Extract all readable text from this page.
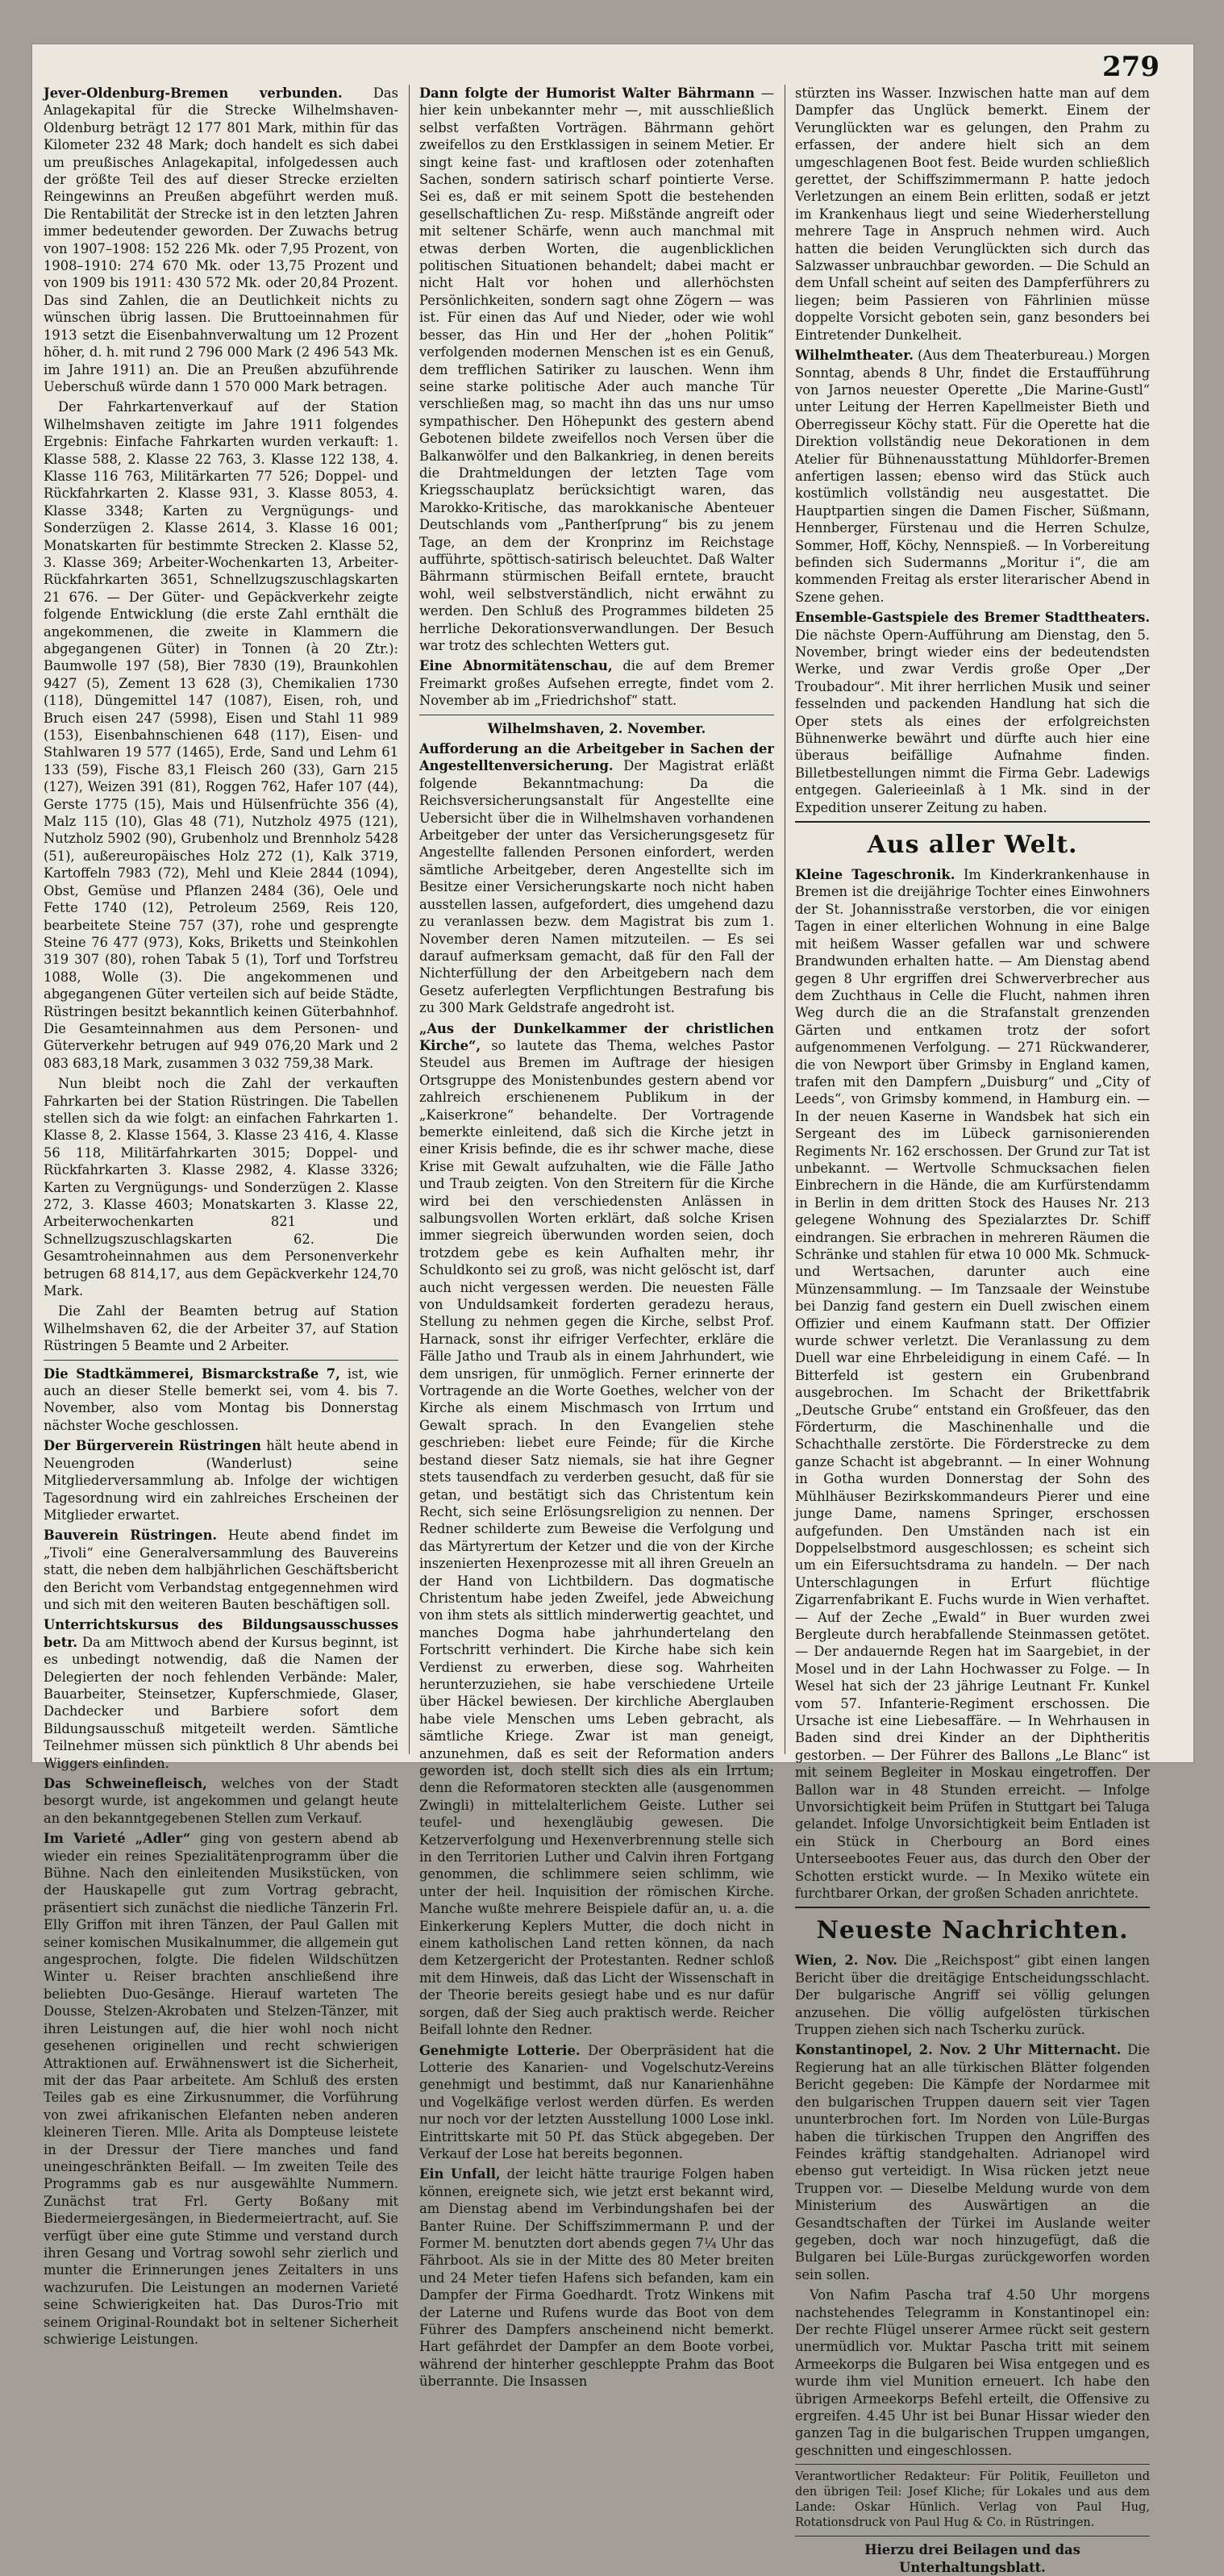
279

Jever-Oldenburg-Bremen verbunden. Das Anlagekapital für die Strecke Wilhelmshaven-Oldenburg beträgt 12 177 801 Mark, mithin für das Kilometer 232 48 Mark; doch handelt es sich dabei um preußisches Anlagekapital, infolgedessen auch der größte Teil des auf dieser Strecke erzielten Reingewinns an Preußen abgeführt werden muß. Die Rentabilität der Strecke ist in den letzten Jahren immer bedeutender geworden. Der Zuwachs betrug von 1907–1908: 152 226 Mk. oder 7,95 Prozent, von 1908–1910: 274 670 Mk. oder 13,75 Prozent und von 1909 bis 1911: 430 572 Mk. oder 20,84 Prozent. Das sind Zahlen, die an Deutlichkeit nichts zu wünschen übrig lassen. Die Bruttoeinnahmen für 1913 setzt die Eisenbahnverwaltung um 12 Prozent höher, d. h. mit rund 2 796 000 Mark (2 496 543 Mk. im Jahre 1911) an. Die an Preußen abzuführende Ueberschuß würde dann 1 570 000 Mark betragen.

Der Fahrkartenverkauf auf der Station Wilhelmshaven zeitigte im Jahre 1911 folgendes Ergebnis: Einfache Fahrkarten wurden verkauft: 1. Klasse 588, 2. Klasse 22 763, 3. Klasse 122 138, 4. Klasse 116 763, Militärkarten 77 526; Doppel- und Rückfahrkarten 2. Klasse 931, 3. Klasse 8053, 4. Klasse 3348; Karten zu Vergnügungs- und Sonderzügen 2. Klasse 2614, 3. Klasse 16 001; Monatskarten für bestimmte Strecken 2. Klasse 52, 3. Klasse 369; Arbeiter-Wochenkarten 13, Arbeiter-Rückfahrkarten 3651, Schnellzugszuschlagskarten 21 676. — Der Güter- und Gepäckverkehr zeigte folgende Entwicklung (die erste Zahl ernthält die angekommenen, die zweite in Klammern die abgegangenen Güter) in Tonnen (à 20 Ztr.): Baumwolle 197 (58), Bier 7830 (19), Braunkohlen 9427 (5), Zement 13 628 (3), Chemikalien 1730 (118), Düngemittel 147 (1087), Eisen, roh, und Bruch eisen 247 (5998), Eisen und Stahl 11 989 (153), Eisenbahnschienen 648 (117), Eisen- und Stahlwaren 19 577 (1465), Erde, Sand und Lehm 61 133 (59), Fische 83,1 Fleisch 260 (33), Garn 215 (127), Weizen 391 (81), Roggen 762, Hafer 107 (44), Gerste 1775 (15), Mais und Hülsenfrüchte 356 (4), Malz 115 (10), Glas 48 (71), Nutzholz 4975 (121), Nutzholz 5902 (90), Grubenholz und Brennholz 5428 (51), außereuropäisches Holz 272 (1), Kalk 3719, Kartoffeln 7983 (72), Mehl und Kleie 2844 (1094), Obst, Gemüse und Pflanzen 2484 (36), Oele und Fette 1740 (12), Petroleum 2569, Reis 120, bearbeitete Steine 757 (37), rohe und gesprengte Steine 76 477 (973), Koks, Briketts und Steinkohlen 319 307 (80), rohen Tabak 5 (1), Torf und Torfstreu 1088, Wolle (3). Die angekommenen und abgegangenen Güter verteilen sich auf beide Städte, Rüstringen besitzt bekanntlich keinen Güterbahnhof. Die Gesamteinnahmen aus dem Personen- und Güterverkehr betrugen auf 949 076,20 Mark und 2 083 683,18 Mark, zusammen 3 032 759,38 Mark.

Nun bleibt noch die Zahl der verkauften Fahrkarten bei der Station Rüstringen. Die Tabellen stellen sich da wie folgt: an einfachen Fahrkarten 1. Klasse 8, 2. Klasse 1564, 3. Klasse 23 416, 4. Klasse 56 118, Militärfahrkarten 3015; Doppel- und Rückfahrkarten 3. Klasse 2982, 4. Klasse 3326; Karten zu Vergnügungs- und Sonderzügen 2. Klasse 272, 3. Klasse 4603; Monatskarten 3. Klasse 22, Arbeiterwochenkarten 821 und Schnellzugszuschlagskarten 62. Die Gesamtroheinnahmen aus dem Personenverkehr betrugen 68 814,17, aus dem Gepäckverkehr 124,70 Mark.

Die Zahl der Beamten betrug auf Station Wilhelmshaven 62, die der Arbeiter 37, auf Station Rüstringen 5 Beamte und 2 Arbeiter.

Die Stadtkämmerei, Bismarckstraße 7, ist, wie auch an dieser Stelle bemerkt sei, vom 4. bis 7. November, also vom Montag bis Donnerstag nächster Woche geschlossen.

Der Bürgerverein Rüstringen hält heute abend in Neuengroden (Wanderlust) seine Mitgliederversammlung ab. Infolge der wichtigen Tagesordnung wird ein zahlreiches Erscheinen der Mitglieder erwartet.

Bauverein Rüstringen. Heute abend findet im „Tivoli“ eine Generalversammlung des Bauvereins statt, die neben dem halbjährlichen Geschäftsbericht den Bericht vom Verbandstag entgegennehmen wird und sich mit den weiteren Bauten beschäftigen soll.

Unterrichtskursus des Bildungsausschusses betr. Da am Mittwoch abend der Kursus beginnt, ist es unbedingt notwendig, daß die Namen der Delegierten der noch fehlenden Verbände: Maler, Bauarbeiter, Steinsetzer, Kupferschmiede, Glaser, Dachdecker und Barbiere sofort dem Bildungsausschuß mitgeteilt werden. Sämtliche Teilnehmer müssen sich pünktlich 8 Uhr abends bei Wiggers einfinden.

Das Schweinefleisch, welches von der Stadt besorgt wurde, ist angekommen und gelangt heute an den bekanntgegebenen Stellen zum Verkauf.

Im Varieté „Adler“ ging von gestern abend ab wieder ein reines Spezialitätenprogramm über die Bühne. Nach den einleitenden Musikstücken, von der Hauskapelle gut zum Vortrag gebracht, präsentiert sich zunächst die niedliche Tänzerin Frl. Elly Griffon mit ihren Tänzen, der Paul Gallen mit seiner komischen Musikalnummer, die allgemein gut angesprochen, folgte. Die fidelen Wildschützen Winter u. Reiser brachten anschließend ihre beliebten Duo-Gesänge. Hierauf warteten The Dousse, Stelzen-Akrobaten und Stelzen-Tänzer, mit ihren Leistungen auf, die hier wohl noch nicht gesehenen originellen und recht schwierigen Attraktionen auf. Erwähnenswert ist die Sicherheit, mit der das Paar arbeitete. Am Schluß des ersten Teiles gab es eine Zirkusnummer, die Vorführung von zwei afrikanischen Elefanten neben anderen kleineren Tieren. Mlle. Arita als Dompteuse leistete in der Dressur der Tiere manches und fand uneingeschränkten Beifall. — Im zweiten Teile des Programms gab es nur ausgewählte Nummern. Zunächst trat Frl. Gerty Boßany mit Biedermeiergesängen, in Biedermeiertracht, auf. Sie verfügt über eine gute Stimme und verstand durch ihren Gesang und Vortrag sowohl sehr zierlich und munter die Erinnerungen jenes Zeitalters in uns wachzurufen. Die Leistungen an modernen Varieté seine Schwierigkeiten hat. Das Duros-Trio mit seinem Original-Roundakt bot in seltener Sicherheit schwierige Leistungen.

Dann folgte der Humorist Walter Bährmann — hier kein unbekannter mehr —, mit ausschließlich selbst verfaßten Vorträgen. Bährmann gehört zweifellos zu den Erstklassigen in seinem Metier. Er singt keine fast- und kraftlosen oder zotenhaften Sachen, sondern satirisch scharf pointierte Verse. Sei es, daß er mit seinem Spott die bestehenden gesellschaftlichen Zu- resp. Mißstände angreift oder mit seltener Schärfe, wenn auch manchmal mit etwas derben Worten, die augenblicklichen politischen Situationen behandelt; dabei macht er nicht Halt vor hohen und allerhöchsten Persönlichkeiten, sondern sagt ohne Zögern — was ist. Für einen das Auf und Nieder, oder wie wohl besser, das Hin und Her der „hohen Politik“ verfolgenden modernen Menschen ist es ein Genuß, dem trefflichen Satiriker zu lauschen. Wenn ihm seine starke politische Ader auch manche Tür verschließen mag, so macht ihn das uns nur umso sympathischer. Den Höhepunkt des gestern abend Gebotenen bildete zweifellos noch Versen über die Balkanwölfer und den Balkankrieg, in denen bereits die Drahtmeldungen der letzten Tage vom Kriegsschauplatz berücksichtigt waren, das Marokko-Kritische, das marokkanische Abenteuer Deutschlands vom „Pantherſprung“ bis zu jenem Tage, an dem der Kronprinz im Reichstage aufführte, spöttisch-satirisch beleuchtet. Daß Walter Bährmann stürmischen Beifall erntete, braucht wohl, weil selbstverständlich, nicht erwähnt zu werden. Den Schluß des Programmes bildeten 25 herrliche Dekorationsverwandlungen. Der Besuch war trotz des schlechten Wetters gut.

Eine Abnormitätenschau, die auf dem Bremer Freimarkt großes Aufsehen erregte, findet vom 2. November ab im „Friedrichshof“ statt.

Wilhelmshaven, 2. November.

Aufforderung an die Arbeitgeber in Sachen der Angestelltenversicherung. Der Magistrat erläßt folgende Bekanntmachung: Da die Reichsversicherungsanstalt für Angestellte eine Uebersicht über die in Wilhelmshaven vorhandenen Arbeitgeber der unter das Versicherungsgesetz für Angestellte fallenden Personen einfordert, werden sämtliche Arbeitgeber, deren Angestellte sich im Besitze einer Versicherungskarte noch nicht haben ausstellen lassen, aufgefordert, dies umgehend dazu zu veranlassen bezw. dem Magistrat bis zum 1. November deren Namen mitzuteilen. — Es sei darauf aufmerksam gemacht, daß für den Fall der Nichterfüllung der den Arbeitgebern nach dem Gesetz auferlegten Verpflichtungen Bestrafung bis zu 300 Mark Geldstrafe angedroht ist.

„Aus der Dunkelkammer der christlichen Kirche“, so lautete das Thema, welches Pastor Steudel aus Bremen im Auftrage der hiesigen Ortsgruppe des Monistenbundes gestern abend vor zahlreich erschienenem Publikum in der „Kaiserkrone“ behandelte. Der Vortragende bemerkte einleitend, daß sich die Kirche jetzt in einer Krisis befinde, die es ihr schwer mache, diese Krise mit Gewalt aufzuhalten, wie die Fälle Jatho und Traub zeigten. Von den Streitern für die Kirche wird bei den verschiedensten Anlässen in salbungsvollen Worten erklärt, daß solche Krisen immer siegreich überwunden worden seien, doch trotzdem gebe es kein Aufhalten mehr, ihr Schuldkonto sei zu groß, was nicht gelöscht ist, darf auch nicht vergessen werden. Die neuesten Fälle von Unduldsamkeit forderten geradezu heraus, Stellung zu nehmen gegen die Kirche, selbst Prof. Harnack, sonst ihr eifriger Verfechter, erkläre die Fälle Jatho und Traub als in einem Jahrhundert, wie dem unsrigen, für unmöglich. Ferner erinnerte der Vortragende an die Worte Goethes, welcher von der Kirche als einem Mischmasch von Irrtum und Gewalt sprach. In den Evangelien stehe geschrieben: liebet eure Feinde; für die Kirche bestand dieser Satz niemals, sie hat ihre Gegner stets tausendfach zu verderben gesucht, daß für sie getan, und bestätigt sich das Christentum kein Recht, sich seine Erlösungsreligion zu nennen. Der Redner schilderte zum Beweise die Verfolgung und das Märtyrertum der Ketzer und die von der Kirche inszenierten Hexenprozesse mit all ihren Greueln an der Hand von Lichtbildern. Das dogmatische Christentum habe jeden Zweifel, jede Abweichung von ihm stets als sittlich minderwertig geachtet, und manches Dogma habe jahrhundertelang den Fortschritt verhindert. Die Kirche habe sich kein Verdienst zu erwerben, diese sog. Wahrheiten herunterzuziehen, sie habe verschiedene Urteile über Häckel bewiesen. Der kirchliche Aberglauben habe viele Menschen ums Leben gebracht, als sämtliche Kriege. Zwar ist man geneigt, anzunehmen, daß es seit der Reformation anders geworden ist, doch stellt sich dies als ein Irrtum; denn die Reformatoren steckten alle (ausgenommen Zwingli) in mittelalterlichem Geiste. Luther sei teufel- und hexengläubig gewesen. Die Ketzerverfolgung und Hexenverbrennung stelle sich in den Territorien Luther und Calvin ihren Fortgang genommen, die schlimmere seien schlimm, wie unter der heil. Inquisition der römischen Kirche. Manche wußte mehrere Beispiele dafür an, u. a. die Einkerkerung Keplers Mutter, die doch nicht in einem katholischen Land retten können, da nach dem Ketzergericht der Protestanten. Redner schloß mit dem Hinweis, daß das Licht der Wissenschaft in der Theorie bereits gesiegt habe und es nur dafür sorgen, daß der Sieg auch praktisch werde. Reicher Beifall lohnte den Redner.

Genehmigte Lotterie. Der Oberpräsident hat die Lotterie des Kanarien- und Vogelschutz-Vereins genehmigt und bestimmt, daß nur Kanarienhähne und Vogelkäfige verlost werden dürfen. Es werden nur noch vor der letzten Ausstellung 1000 Lose inkl. Eintrittskarte mit 50 Pf. das Stück abgegeben. Der Verkauf der Lose hat bereits begonnen.

Ein Unfall, der leicht hätte traurige Folgen haben können, ereignete sich, wie jetzt erst bekannt wird, am Dienstag abend im Verbindungshafen bei der Banter Ruine. Der Schiffszimmermann P. und der Former M. benutzten dort abends gegen 7¼ Uhr das Fährboot. Als sie in der Mitte des 80 Meter breiten und 24 Meter tiefen Hafens sich befanden, kam ein Dampfer der Firma Goedhardt. Trotz Winkens mit der Laterne und Rufens wurde das Boot von dem Führer des Dampfers anscheinend nicht bemerkt. Hart gefährdet der Dampfer an dem Boote vorbei, während der hinterher geschleppte Prahm das Boot überrannte. Die Insassen

stürzten ins Wasser. Inzwischen hatte man auf dem Dampfer das Unglück bemerkt. Einem der Verunglückten war es gelungen, den Prahm zu erfassen, der andere hielt sich an dem umgeschlagenen Boot fest. Beide wurden schließlich gerettet, der Schiffszimmermann P. hatte jedoch Verletzungen an einem Bein erlitten, sodaß er jetzt im Krankenhaus liegt und seine Wiederherstellung mehrere Tage in Anspruch nehmen wird. Auch hatten die beiden Verunglückten sich durch das Salzwasser unbrauchbar geworden. — Die Schuld an dem Unfall scheint auf seiten des Dampferführers zu liegen; beim Passieren von Fährlinien müsse doppelte Vorsicht geboten sein, ganz besonders bei Eintretender Dunkelheit.

Wilhelmtheater. (Aus dem Theaterbureau.) Morgen Sonntag, abends 8 Uhr, findet die Erstaufführung von Jarnos neuester Operette „Die Marine-Gustl“ unter Leitung der Herren Kapellmeister Bieth und Oberregisseur Köchy statt. Für die Operette hat die Direktion vollständig neue Dekorationen in dem Atelier für Bühnenausstattung Mühldorfer-Bremen anfertigen lassen; ebenso wird das Stück auch kostümlich vollständig neu ausgestattet. Die Hauptpartien singen die Damen Fischer, Süßmann, Hennberger, Fürstenau und die Herren Schulze, Sommer, Hoff, Köchy, Nennspieß. — In Vorbereitung befinden sich Sudermanns „Moritur i“, die am kommenden Freitag als erster literarischer Abend in Szene gehen.

Ensemble-Gastspiele des Bremer Stadttheaters. Die nächste Opern-Aufführung am Dienstag, den 5. November, bringt wieder eins der bedeutendsten Werke, und zwar Verdis große Oper „Der Troubadour“. Mit ihrer herrlichen Musik und seiner fesselnden und packenden Handlung hat sich die Oper stets als eines der erfolgreichsten Bühnenwerke bewährt und dürfte auch hier eine überaus beifällige Aufnahme finden. Billetbestellungen nimmt die Firma Gebr. Ladewigs entgegen. Galerieeinlaß à 1 Mk. sind in der Expedition unserer Zeitung zu haben.

Aus aller Welt.

Kleine Tageschronik. Im Kinderkrankenhause in Bremen ist die dreijährige Tochter eines Einwohners der St. Johannisstraße verstorben, die vor einigen Tagen in einer elterlichen Wohnung in eine Balge mit heißem Wasser gefallen war und schwere Brandwunden erhalten hatte. — Am Dienstag abend gegen 8 Uhr ergriffen drei Schwerverbrecher aus dem Zuchthaus in Celle die Flucht, nahmen ihren Weg durch die an die Strafanstalt grenzenden Gärten und entkamen trotz der sofort aufgenommenen Verfolgung. — 271 Rückwanderer, die von Newport über Grimsby in England kamen, trafen mit den Dampfern „Duisburg“ und „City of Leeds“, von Grimsby kommend, in Hamburg ein. — In der neuen Kaserne in Wandsbek hat sich ein Sergeant des im Lübeck garnisonierenden Regiments Nr. 162 erschossen. Der Grund zur Tat ist unbekannt. — Wertvolle Schmucksachen fielen Einbrechern in die Hände, die am Kurfürstendamm in Berlin in dem dritten Stock des Hauses Nr. 213 gelegene Wohnung des Spezialarztes Dr. Schiff eindrangen. Sie erbrachen in mehreren Räumen die Schränke und stahlen für etwa 10 000 Mk. Schmuck- und Wertsachen, darunter auch eine Münzensammlung. — Im Tanzsaale der Weinstube bei Danzig fand gestern ein Duell zwischen einem Offizier und einem Kaufmann statt. Der Offizier wurde schwer verletzt. Die Veranlassung zu dem Duell war eine Ehrbeleidigung in einem Café. — In Bitterfeld ist gestern ein Grubenbrand ausgebrochen. Im Schacht der Brikettfabrik „Deutsche Grube“ entstand ein Großfeuer, das den Förderturm, die Maschinenhalle und die Schachthalle zerstörte. Die Förderstrecke zu dem ganze Schacht ist abgebrannt. — In einer Wohnung in Gotha wurden Donnerstag der Sohn des Mühlhäuser Bezirkskommandeurs Pierer und eine junge Dame, namens Springer, erschossen aufgefunden. Den Umständen nach ist ein Doppelselbstmord ausgeschlossen; es scheint sich um ein Eifersuchtsdrama zu handeln. — Der nach Unterschlagungen in Erfurt flüchtige Zigarrenfabrikant E. Fuchs wurde in Wien verhaftet. — Auf der Zeche „Ewald“ in Buer wurden zwei Bergleute durch herabfallende Steinmassen getötet. — Der andauernde Regen hat im Saargebiet, in der Mosel und in der Lahn Hochwasser zu Folge. — In Wesel hat sich der 23 jährige Leutnant Fr. Kunkel vom 57. Infanterie-Regiment erschossen. Die Ursache ist eine Liebesaffäre. — In Wehrhausen in Baden sind drei Kinder an der Diphtheritis gestorben. — Der Führer des Ballons „Le Blanc“ ist mit seinem Begleiter in Moskau eingetroffen. Der Ballon war in 48 Stunden erreicht. — Infolge Unvorsichtigkeit beim Prüfen in Stuttgart bei Taluga gelandet. Infolge Unvorsichtigkeit beim Entladen ist ein Stück in Cherbourg an Bord eines Unterseebootes Feuer aus, das durch den Ober der Schotten erstickt wurde. — In Mexiko wütete ein furchtbarer Orkan, der großen Schaden anrichtete.

Neueste Nachrichten.

Wien, 2. Nov. Die „Reichspost“ gibt einen langen Bericht über die dreitägige Entscheidungsschlacht. Der bulgarische Angriff sei völlig gelungen anzusehen. Die völlig aufgelösten türkischen Truppen ziehen sich nach Tscherku zurück.

Konstantinopel, 2. Nov. 2 Uhr Mitternacht. Die Regierung hat an alle türkischen Blätter folgenden Bericht gegeben: Die Kämpfe der Nordarmee mit den bulgarischen Truppen dauern seit vier Tagen ununterbrochen fort. Im Norden von Lüle-Burgas haben die türkischen Truppen den Angriffen des Feindes kräftig standgehalten. Adrianopel wird ebenso gut verteidigt. In Wisa rücken jetzt neue Truppen vor. — Dieselbe Meldung wurde von dem Ministerium des Auswärtigen an die Gesandtschaften der Türkei im Auslande weiter gegeben, doch war noch hinzugefügt, daß die Bulgaren bei Lüle-Burgas zurückgeworfen worden sein sollen.

Von Nafim Pascha traf 4.50 Uhr morgens nachstehendes Telegramm in Konstantinopel ein: Der rechte Flügel unserer Armee rückt seit gestern unermüdlich vor. Muktar Pascha tritt mit seinem Armeekorps die Bulgaren bei Wisa entgegen und es wurde ihm viel Munition erneuert. Ich habe den übrigen Armeekorps Befehl erteilt, die Offensive zu ergreifen. 4.45 Uhr ist bei Bunar Hissar wieder den ganzen Tag in die bulgarischen Truppen umgangen, geschnitten und eingeschlossen.

Verantwortlicher Redakteur: Für Politik, Feuilleton und den übrigen Teil: Josef Kliche; für Lokales und aus dem Lande: Oskar Hünlich. Verlag von Paul Hug, Rotationsdruck von Paul Hug & Co. in Rüstringen.

Hierzu drei Beilagen und das Unterhaltungsblatt.
